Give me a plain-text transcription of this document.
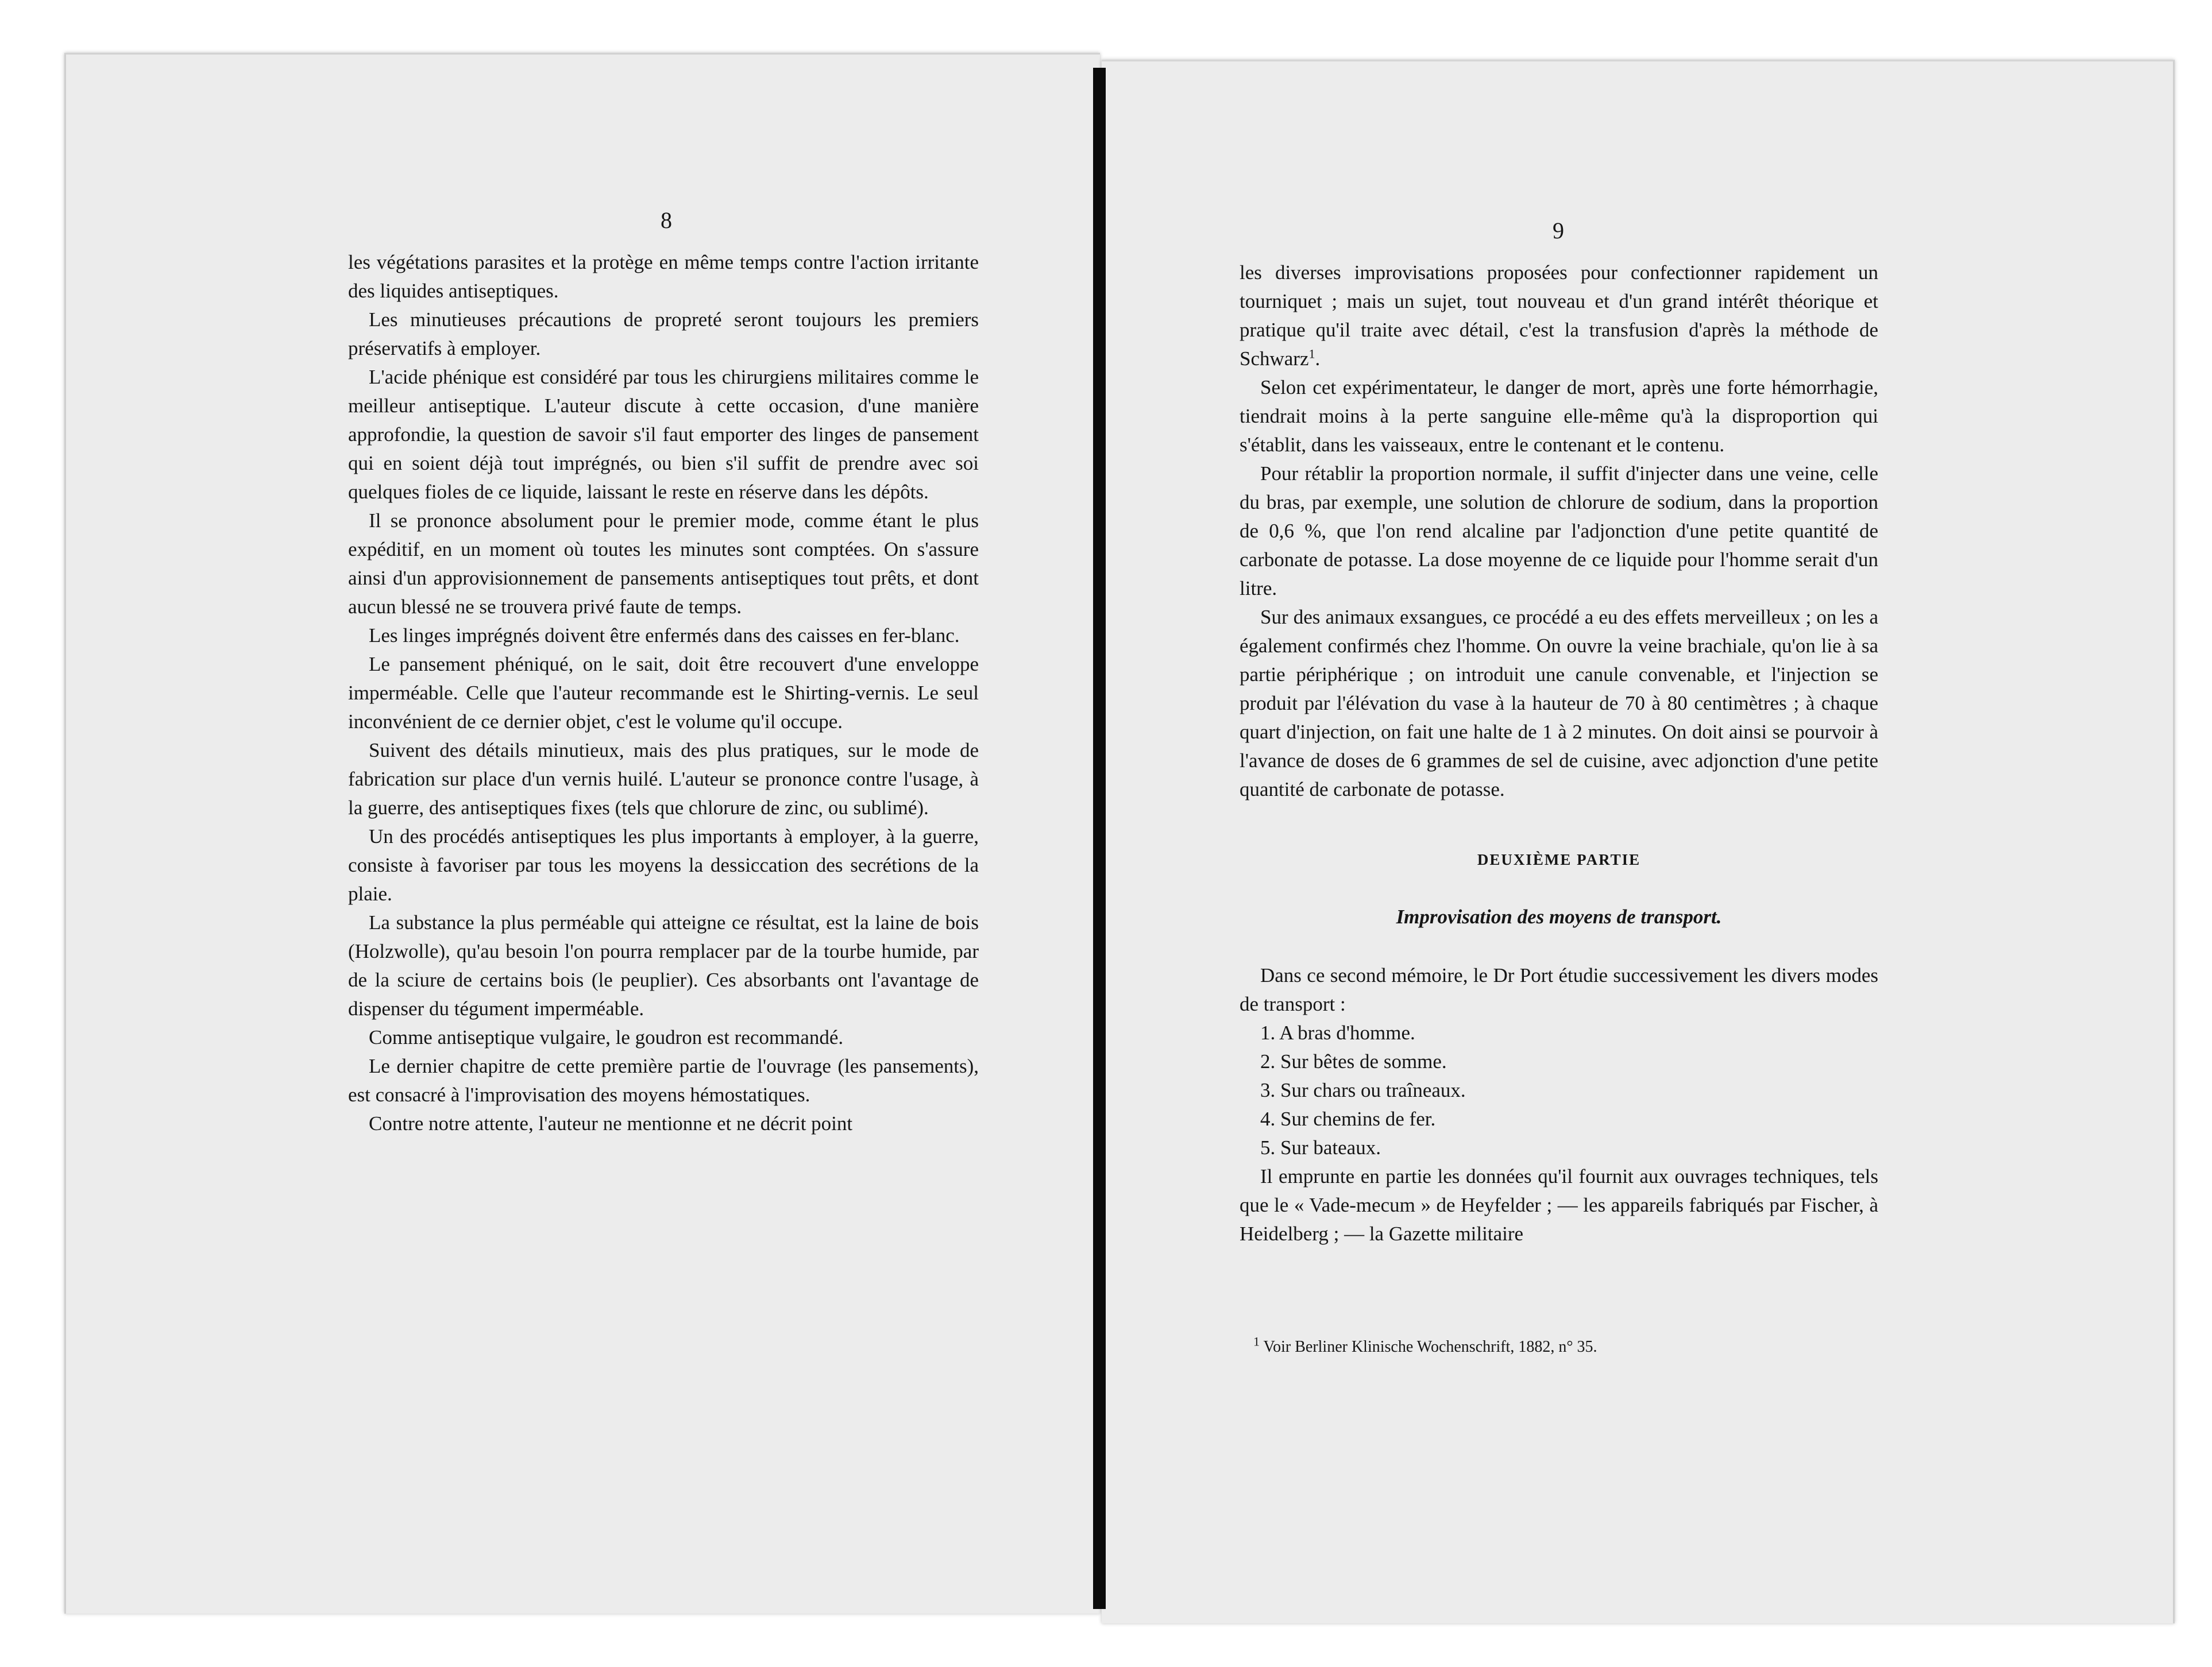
8

les végétations parasites et la protège en même temps contre l'action irritante des liquides antiseptiques.

Les minutieuses précautions de propreté seront toujours les premiers préservatifs à employer.

L'acide phénique est considéré par tous les chirurgiens militaires comme le meilleur antiseptique. L'auteur discute à cette occasion, d'une manière approfondie, la question de savoir s'il faut emporter des linges de pansement qui en soient déjà tout imprégnés, ou bien s'il suffit de prendre avec soi quelques fioles de ce liquide, laissant le reste en réserve dans les dépôts.

Il se prononce absolument pour le premier mode, comme étant le plus expéditif, en un moment où toutes les minutes sont comptées. On s'assure ainsi d'un approvisionnement de pansements antiseptiques tout prêts, et dont aucun blessé ne se trouvera privé faute de temps.

Les linges imprégnés doivent être enfermés dans des caisses en fer-blanc.

Le pansement phéniqué, on le sait, doit être recouvert d'une enveloppe imperméable. Celle que l'auteur recommande est le Shirting-vernis. Le seul inconvénient de ce dernier objet, c'est le volume qu'il occupe.

Suivent des détails minutieux, mais des plus pratiques, sur le mode de fabrication sur place d'un vernis huilé. L'auteur se prononce contre l'usage, à la guerre, des antiseptiques fixes (tels que chlorure de zinc, ou sublimé).

Un des procédés antiseptiques les plus importants à employer, à la guerre, consiste à favoriser par tous les moyens la dessiccation des secrétions de la plaie.

La substance la plus perméable qui atteigne ce résultat, est la laine de bois (Holzwolle), qu'au besoin l'on pourra remplacer par de la tourbe humide, par de la sciure de certains bois (le peuplier). Ces absorbants ont l'avantage de dispenser du tégument imperméable.

Comme antiseptique vulgaire, le goudron est recommandé.

Le dernier chapitre de cette première partie de l'ouvrage (les pansements), est consacré à l'improvisation des moyens hémostatiques.

Contre notre attente, l'auteur ne mentionne et ne décrit point

9

les diverses improvisations proposées pour confectionner rapidement un tourniquet ; mais un sujet, tout nouveau et d'un grand intérêt théorique et pratique qu'il traite avec détail, c'est la transfusion d'après la méthode de Schwarz$^1$.

Selon cet expérimentateur, le danger de mort, après une forte hémorrhagie, tiendrait moins à la perte sanguine elle-même qu'à la disproportion qui s'établit, dans les vaisseaux, entre le contenant et le contenu.

Pour rétablir la proportion normale, il suffit d'injecter dans une veine, celle du bras, par exemple, une solution de chlorure de sodium, dans la proportion de 0,6 %, que l'on rend alcaline par l'adjonction d'une petite quantité de carbonate de potasse. La dose moyenne de ce liquide pour l'homme serait d'un litre.

Sur des animaux exsangues, ce procédé a eu des effets merveilleux ; on les a également confirmés chez l'homme. On ouvre la veine brachiale, qu'on lie à sa partie périphérique ; on introduit une canule convenable, et l'injection se produit par l'élévation du vase à la hauteur de 70 à 80 centimètres ; à chaque quart d'injection, on fait une halte de 1 à 2 minutes. On doit ainsi se pourvoir à l'avance de doses de 6 grammes de sel de cuisine, avec adjonction d'une petite quantité de carbonate de potasse.

DEUXIÈME PARTIE

Improvisation des moyens de transport.

Dans ce second mémoire, le Dr Port étudie successivement les divers modes de transport :

1. A bras d'homme.

2. Sur bêtes de somme.

3. Sur chars ou traîneaux.

4. Sur chemins de fer.

5. Sur bateaux.

Il emprunte en partie les données qu'il fournit aux ouvrages techniques, tels que le « Vade-mecum » de Heyfelder ; — les appareils fabriqués par Fischer, à Heidelberg ; — la Gazette militaire

$^1$ Voir Berliner Klinische Wochenschrift, 1882, n° 35.
